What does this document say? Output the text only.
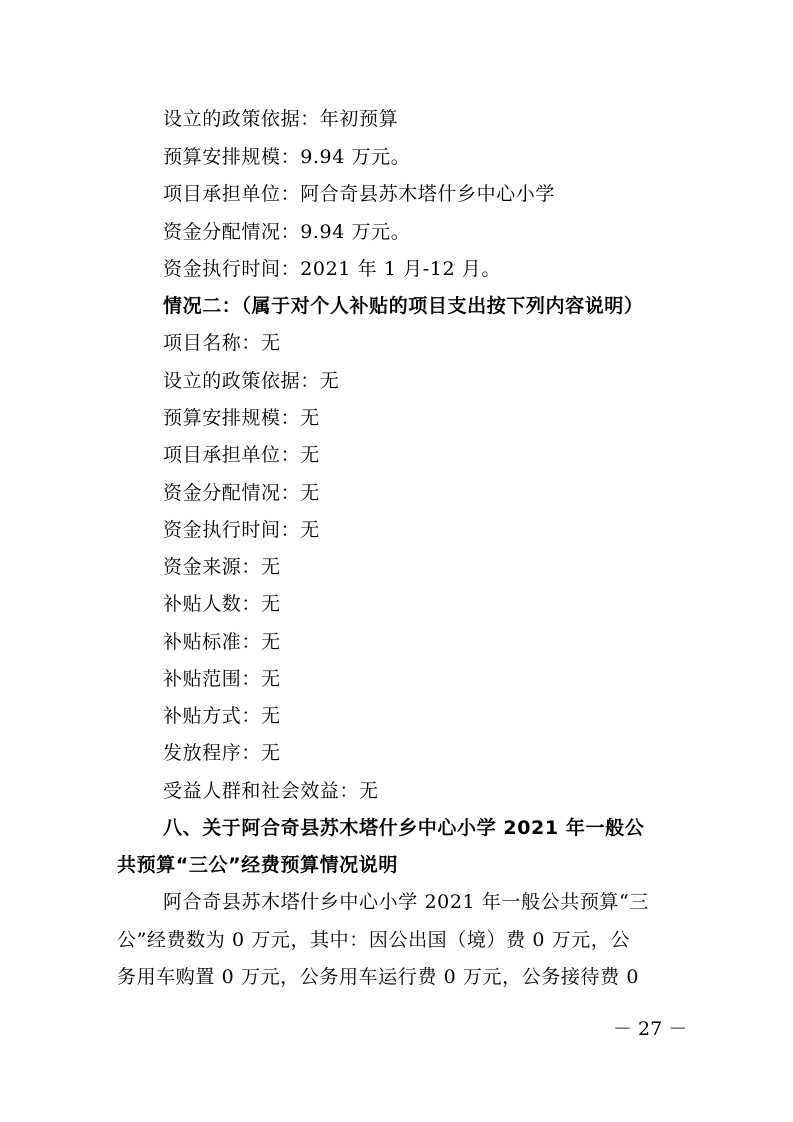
设立的政策依据：年初预算
预算安排规模：9.94 万元。
项目承担单位：阿合奇县苏木塔什乡中心小学
资金分配情况：9.94 万元。
资金执行时间：2021 年 1 月-12 月。
情况二：（属于对个人补贴的项目支出按下列内容说明）
项目名称：无
设立的政策依据：无
预算安排规模：无
项目承担单位：无
资金分配情况：无
资金执行时间：无
资金来源：无
补贴人数：无
补贴标准：无
补贴范围：无
补贴方式：无
发放程序：无
受益人群和社会效益：无
八、关于阿合奇县苏木塔什乡中心小学 2021 年一般公
共预算“三公”经费预算情况说明
阿合奇县苏木塔什乡中心小学 2021 年一般公共预算“三
公”经费数为 0 万元，其中：因公出国（境）费 0 万元，公
务用车购置 0 万元，公务用车运行费 0 万元，公务接待费 0
－ 27 －
